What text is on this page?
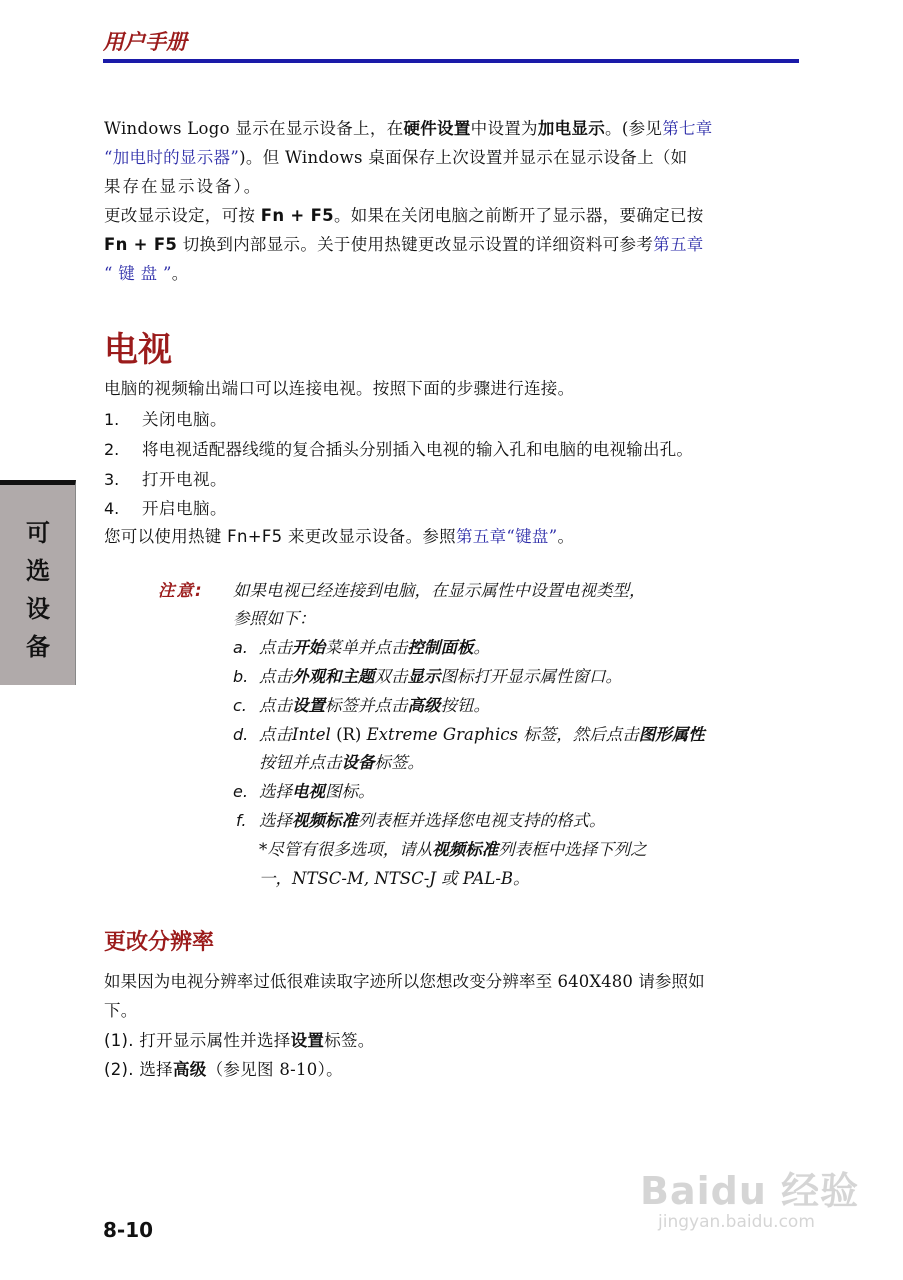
用户手册
可
选
设
备
Windows Logo 显示在显示设备上，在硬件设置中设置为加电显示。(参见第七章
“加电时的显示器”)。但 Windows 桌面保存上次设置并显示在显示设备上（如
果存在显示设备）。
更改显示设定，可按 Fn + F5。如果在关闭电脑之前断开了显示器，要确定已按
Fn + F5 切换到内部显示。关于使用热键更改显示设置的详细资料可参考第五章
“ 键 盘 ”。
电视
电脑的视频输出端口可以连接电视。按照下面的步骤进行连接。
1. 关闭电脑。
2. 将电视适配器线缆的复合插头分别插入电视的输入孔和电脑的电视输出孔。
3. 打开电视。
4. 开启电脑。
您可以使用热键 Fn+F5 来更改显示设备。参照第五章“键盘”。
注意: 如果电视已经连接到电脑，在显示属性中设置电视类型，
参照如下：
a. 点击开始菜单并点击控制面板。
b. 点击外观和主题双击显示图标打开显示属性窗口。
c. 点击设置标签并点击高级按钮。
d. 点击Intel (R) Extreme Graphics 标签，然后点击图形属性
按钮并点击设备标签。
e. 选择电视图标。
f. 选择视频标准列表框并选择您电视支持的格式。
*尽管有很多选项，请从视频标准列表框中选择下列之
一，NTSC-M, NTSC-J 或 PAL-B。
更改分辨率
如果因为电视分辨率过低很难读取字迹所以您想改变分辨率至 640X480 请参照如
下。
(1). 打开显示属性并选择设置标签。
(2). 选择高级（参见图 8-10）。
8-10
Baidu 经验
jingyan.baidu.com
